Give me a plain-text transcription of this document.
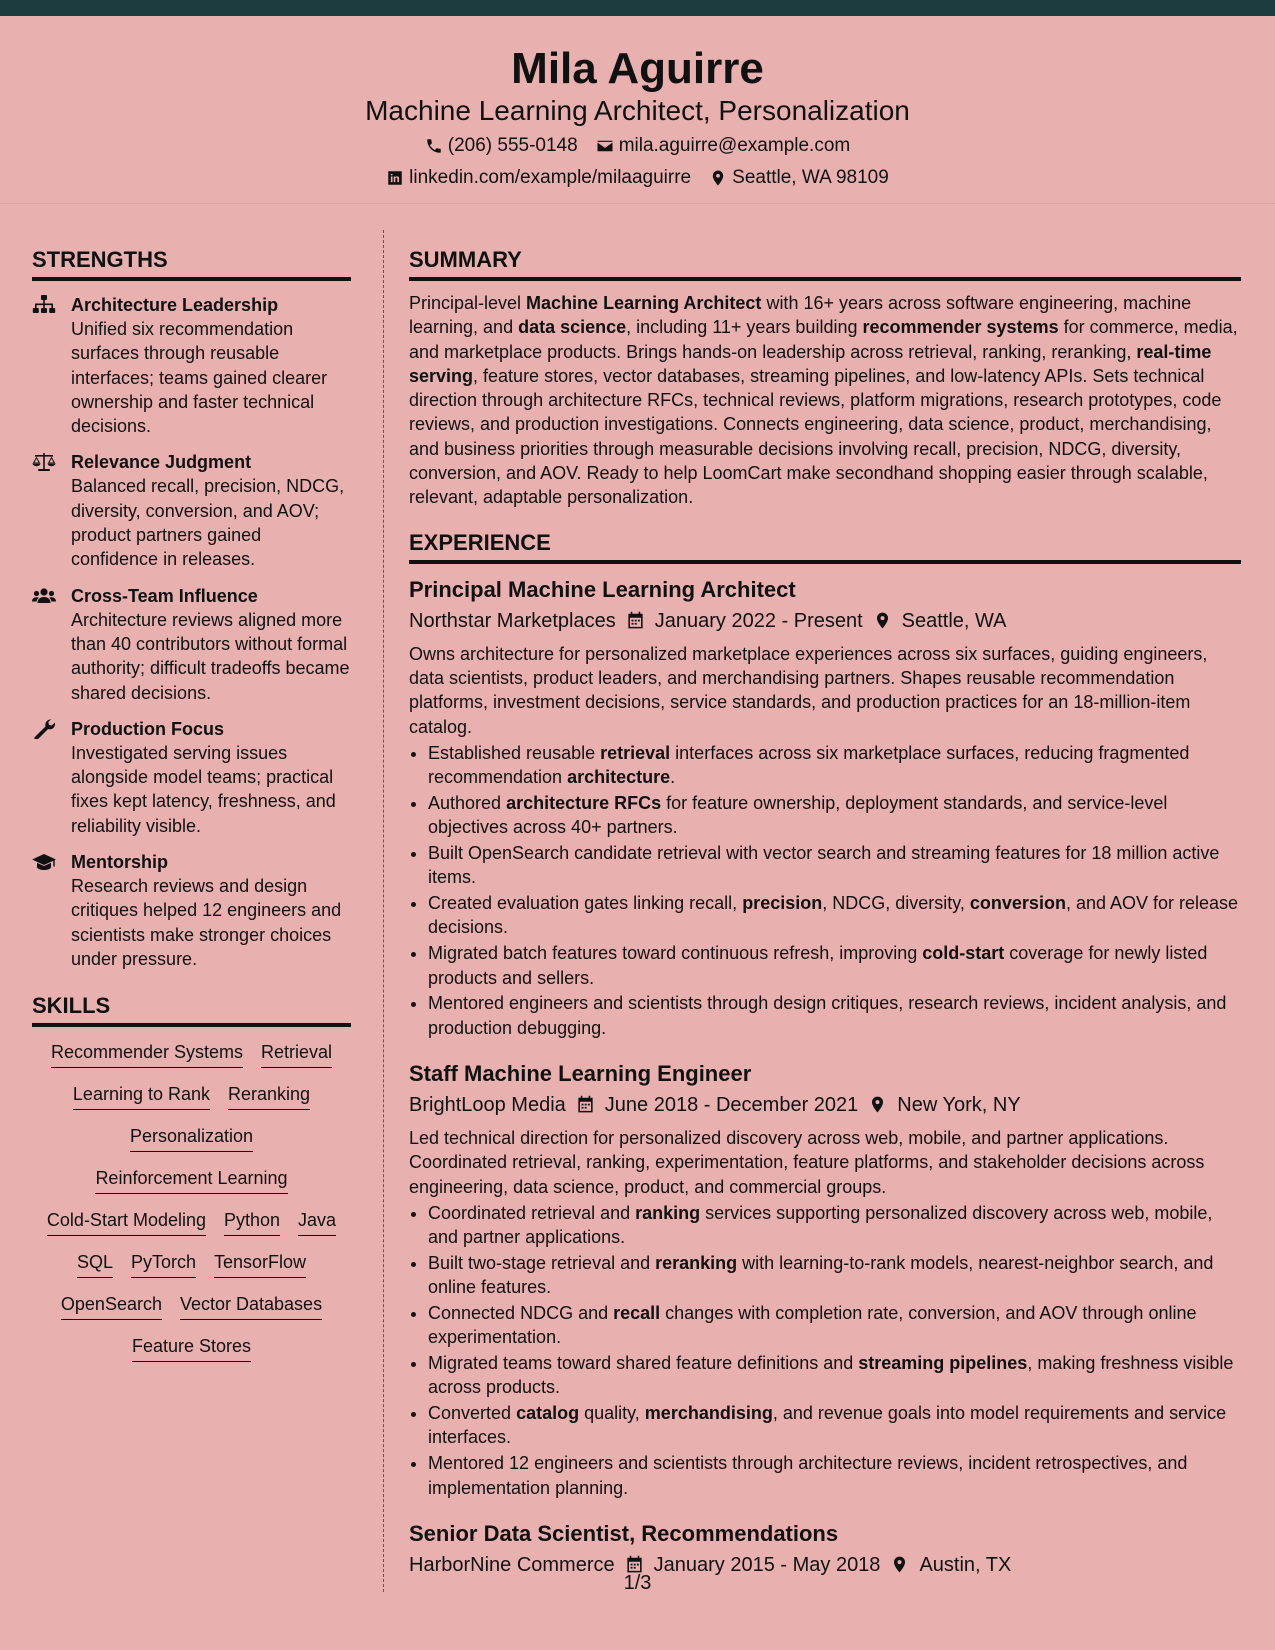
Mila Aguirre
Machine Learning Architect, Personalization
(206) 555-0148 mila.aguirre@example.com
linkedin.com/example/milaaguirre Seattle, WA 98109
STRENGTHS
Architecture Leadership
Unified six recommendation surfaces through reusable interfaces; teams gained clearer ownership and faster technical decisions.
Relevance Judgment
Balanced recall, precision, NDCG, diversity, conversion, and AOV; product partners gained confidence in releases.
Cross-Team Influence
Architecture reviews aligned more than 40 contributors without formal authority; difficult tradeoffs became shared decisions.
Production Focus
Investigated serving issues alongside model teams; practical fixes kept latency, freshness, and reliability visible.
Mentorship
Research reviews and design critiques helped 12 engineers and scientists make stronger choices under pressure.
SKILLS
Recommender Systems Retrieval
Learning to Rank Reranking
Personalization
Reinforcement Learning
Cold-Start Modeling Python Java
SQL PyTorch TensorFlow
OpenSearch Vector Databases
Feature Stores
SUMMARY
Principal-level Machine Learning Architect with 16+ years across software engineering, machine learning, and data science, including 11+ years building recommender systems for commerce, media, and marketplace products. Brings hands-on leadership across retrieval, ranking, reranking, real-time serving, feature stores, vector databases, streaming pipelines, and low-latency APIs. Sets technical direction through architecture RFCs, technical reviews, platform migrations, research prototypes, code reviews, and production investigations. Connects engineering, data science, product, merchandising, and business priorities through measurable decisions involving recall, precision, NDCG, diversity, conversion, and AOV. Ready to help LoomCart make secondhand shopping easier through scalable, relevant, adaptable personalization.
EXPERIENCE
Principal Machine Learning Architect
Northstar Marketplaces January 2022 - Present Seattle, WA
Owns architecture for personalized marketplace experiences across six surfaces, guiding engineers, data scientists, product leaders, and merchandising partners. Shapes reusable recommendation platforms, investment decisions, service standards, and production practices for an 18-million-item catalog.
• Established reusable retrieval interfaces across six marketplace surfaces, reducing fragmented recommendation architecture.
• Authored architecture RFCs for feature ownership, deployment standards, and service-level objectives across 40+ partners.
• Built OpenSearch candidate retrieval with vector search and streaming features for 18 million active items.
• Created evaluation gates linking recall, precision, NDCG, diversity, conversion, and AOV for release decisions.
• Migrated batch features toward continuous refresh, improving cold-start coverage for newly listed products and sellers.
• Mentored engineers and scientists through design critiques, research reviews, incident analysis, and production debugging.
Staff Machine Learning Engineer
BrightLoop Media June 2018 - December 2021 New York, NY
Led technical direction for personalized discovery across web, mobile, and partner applications. Coordinated retrieval, ranking, experimentation, feature platforms, and stakeholder decisions across engineering, data science, product, and commercial groups.
• Coordinated retrieval and ranking services supporting personalized discovery across web, mobile, and partner applications.
• Built two-stage retrieval and reranking with learning-to-rank models, nearest-neighbor search, and online features.
• Connected NDCG and recall changes with completion rate, conversion, and AOV through online experimentation.
• Migrated teams toward shared feature definitions and streaming pipelines, making freshness visible across products.
• Converted catalog quality, merchandising, and revenue goals into model requirements and service interfaces.
• Mentored 12 engineers and scientists through architecture reviews, incident retrospectives, and implementation planning.
Senior Data Scientist, Recommendations
HarborNine Commerce January 2015 - May 2018 Austin, TX
1/3
